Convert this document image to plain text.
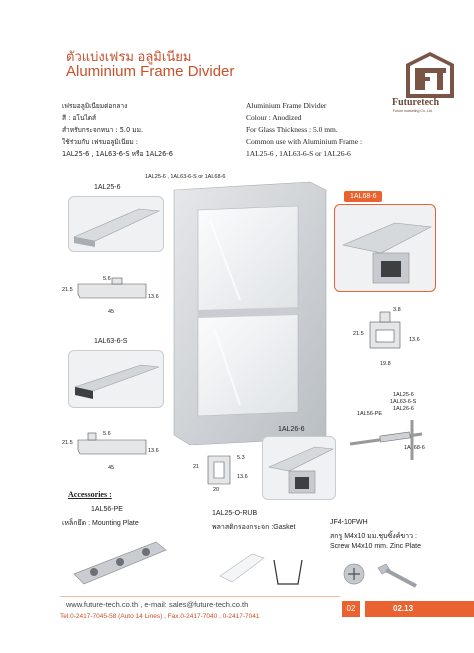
ตัวแบ่งเฟรม อลูมิเนียม
Aluminium Frame Divider
Futuretech
Future marketing Co.,Ltd
เฟรมอลูมิเนียมต่อกลาง
สี : อโนไดส์
สำหรับกระจกหนา : 5.0 มม.
ใช้ร่วมกับ เฟรมอลูมิเนียม :
1AL25-6 , 1AL63-6-S หรือ 1AL26-6
Aluminium Frame Divider
Colour : Anodized
For Glass Thickness : 5.0 mm.
Common use with Aluminium Frame :
1AL25-6 , 1AL63-6-S or 1AL26-6
1AL25-6 , 1AL63-6-S or 1AL68-6
1AL25-6
5.6
21.5
13.6
45
1AL63-6-S
5.6
21.5
13.6
45
1AL68-6
3.8
21.5
13.6
19.8
1AL25-6
1AL63-6-S
1AL26-6
1AL56-PE
1AL68-6
1AL26-6
5.3
21
13.6
20
Accessories :
1AL56-PE
เหล็กยึด : Mounting Plate
1AL25-O-RUB
พลาสติกรองกระจก :Gasket
JF4-10FWH
สกรู M4x10 มม.ชุบซิ้งค์ขาว :
Screw M4x10 mm. Zinc Plate
www.future-tech.co.th , e-mail: sales@future-tech.co.th
Tel.0-2417-7045-58 (Auto 14 Lines) , Fax.0-2417-7040 , 0-2417-7041
02	02.13
